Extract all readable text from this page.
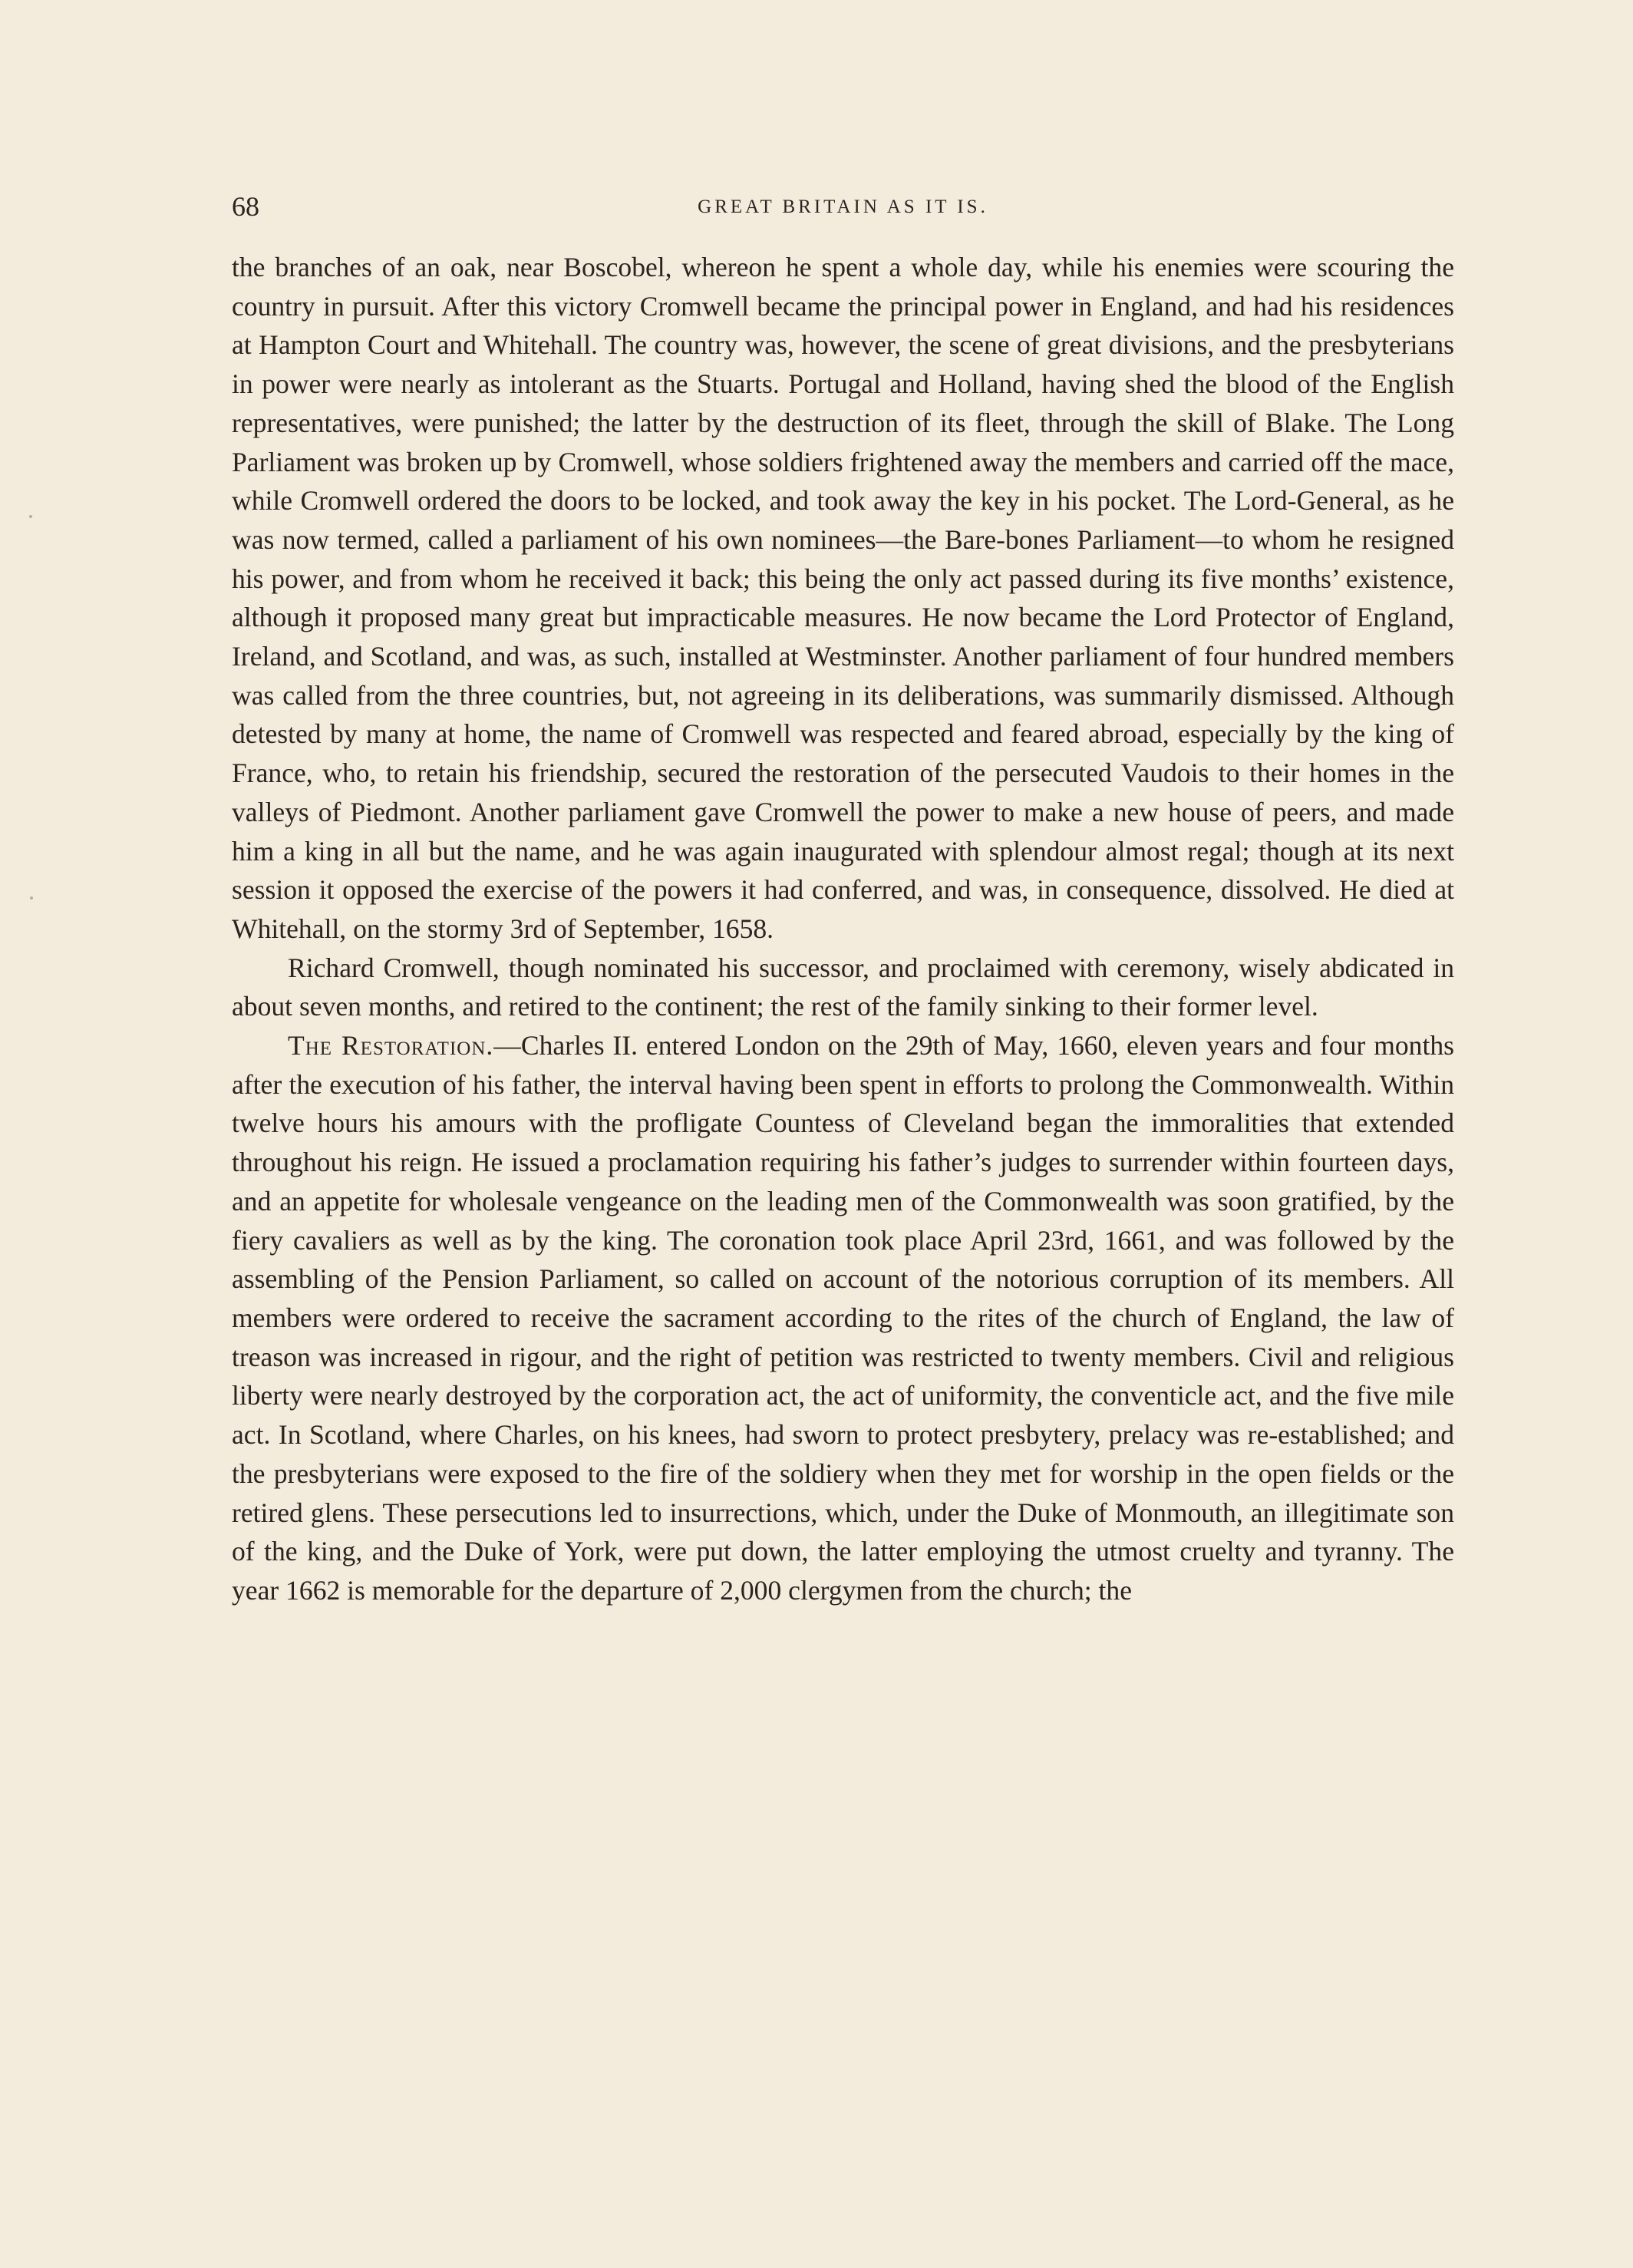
68	GREAT BRITAIN AS IT IS.

the branches of an oak, near Boscobel, whereon he spent a whole day, while his enemies were scouring the country in pursuit. After this victory Cromwell became the principal power in England, and had his residences at Hampton Court and Whitehall. The country was, however, the scene of great divisions, and the presbyterians in power were nearly as intolerant as the Stuarts. Portugal and Holland, having shed the blood of the English representatives, were punished; the latter by the destruction of its fleet, through the skill of Blake. The Long Parliament was broken up by Cromwell, whose soldiers frightened away the members and carried off the mace, while Cromwell ordered the doors to be locked, and took away the key in his pocket. The Lord-General, as he was now termed, called a parliament of his own nominees—the Bare-bones Parliament—to whom he resigned his power, and from whom he received it back; this being the only act passed during its five months’ existence, although it proposed many great but impracticable measures. He now became the Lord Protector of England, Ireland, and Scotland, and was, as such, installed at Westminster. Another parliament of four hundred members was called from the three countries, but, not agreeing in its deliberations, was summarily dismissed. Although detested by many at home, the name of Cromwell was respected and feared abroad, especially by the king of France, who, to retain his friendship, secured the restoration of the persecuted Vaudois to their homes in the valleys of Piedmont. Another parliament gave Cromwell the power to make a new house of peers, and made him a king in all but the name, and he was again inaugurated with splendour almost regal; though at its next session it opposed the exercise of the powers it had conferred, and was, in consequence, dissolved. He died at Whitehall, on the stormy 3rd of September, 1658.

Richard Cromwell, though nominated his successor, and proclaimed with ceremony, wisely abdicated in about seven months, and retired to the continent; the rest of the family sinking to their former level.

The Restoration.—Charles II. entered London on the 29th of May, 1660, eleven years and four months after the execution of his father, the interval having been spent in efforts to prolong the Commonwealth. Within twelve hours his amours with the profligate Countess of Cleveland began the immoralities that extended throughout his reign. He issued a proclamation requiring his father’s judges to surrender within fourteen days, and an appetite for wholesale vengeance on the leading men of the Commonwealth was soon gratified, by the fiery cavaliers as well as by the king. The coronation took place April 23rd, 1661, and was followed by the assembling of the Pension Parliament, so called on account of the notorious corruption of its members. All members were ordered to receive the sacrament according to the rites of the church of England, the law of treason was increased in rigour, and the right of petition was restricted to twenty members. Civil and religious liberty were nearly destroyed by the corporation act, the act of uniformity, the conventicle act, and the five mile act. In Scotland, where Charles, on his knees, had sworn to protect presbytery, prelacy was re-established; and the presbyterians were exposed to the fire of the soldiery when they met for worship in the open fields or the retired glens. These persecutions led to insurrections, which, under the Duke of Monmouth, an illegitimate son of the king, and the Duke of York, were put down, the latter employing the utmost cruelty and tyranny. The year 1662 is memorable for the departure of 2,000 clergymen from the church; the
